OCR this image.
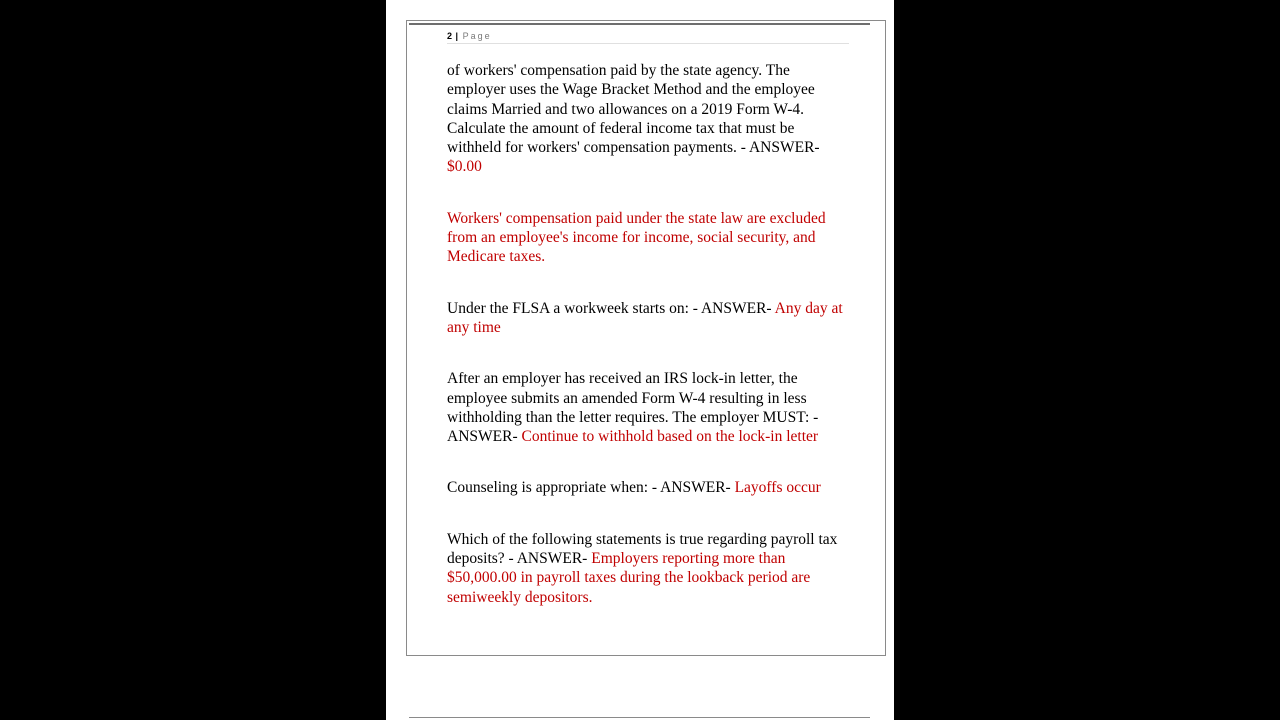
2 | Page

of workers' compensation paid by the state agency. The employer uses the Wage Bracket Method and the employee claims Married and two allowances on a 2019 Form W-4. Calculate the amount of federal income tax that must be withheld for workers' compensation payments. - ANSWER- $0.00

Workers' compensation paid under the state law are excluded from an employee's income for income, social security, and Medicare taxes.

Under the FLSA a workweek starts on: - ANSWER- Any day at any time

After an employer has received an IRS lock-in letter, the employee submits an amended Form W-4 resulting in less withholding than the letter requires. The employer MUST: - ANSWER- Continue to withhold based on the lock-in letter

Counseling is appropriate when: - ANSWER- Layoffs occur

Which of the following statements is true regarding payroll tax deposits? - ANSWER- Employers reporting more than $50,000.00 in payroll taxes during the lookback period are semiweekly depositors.
